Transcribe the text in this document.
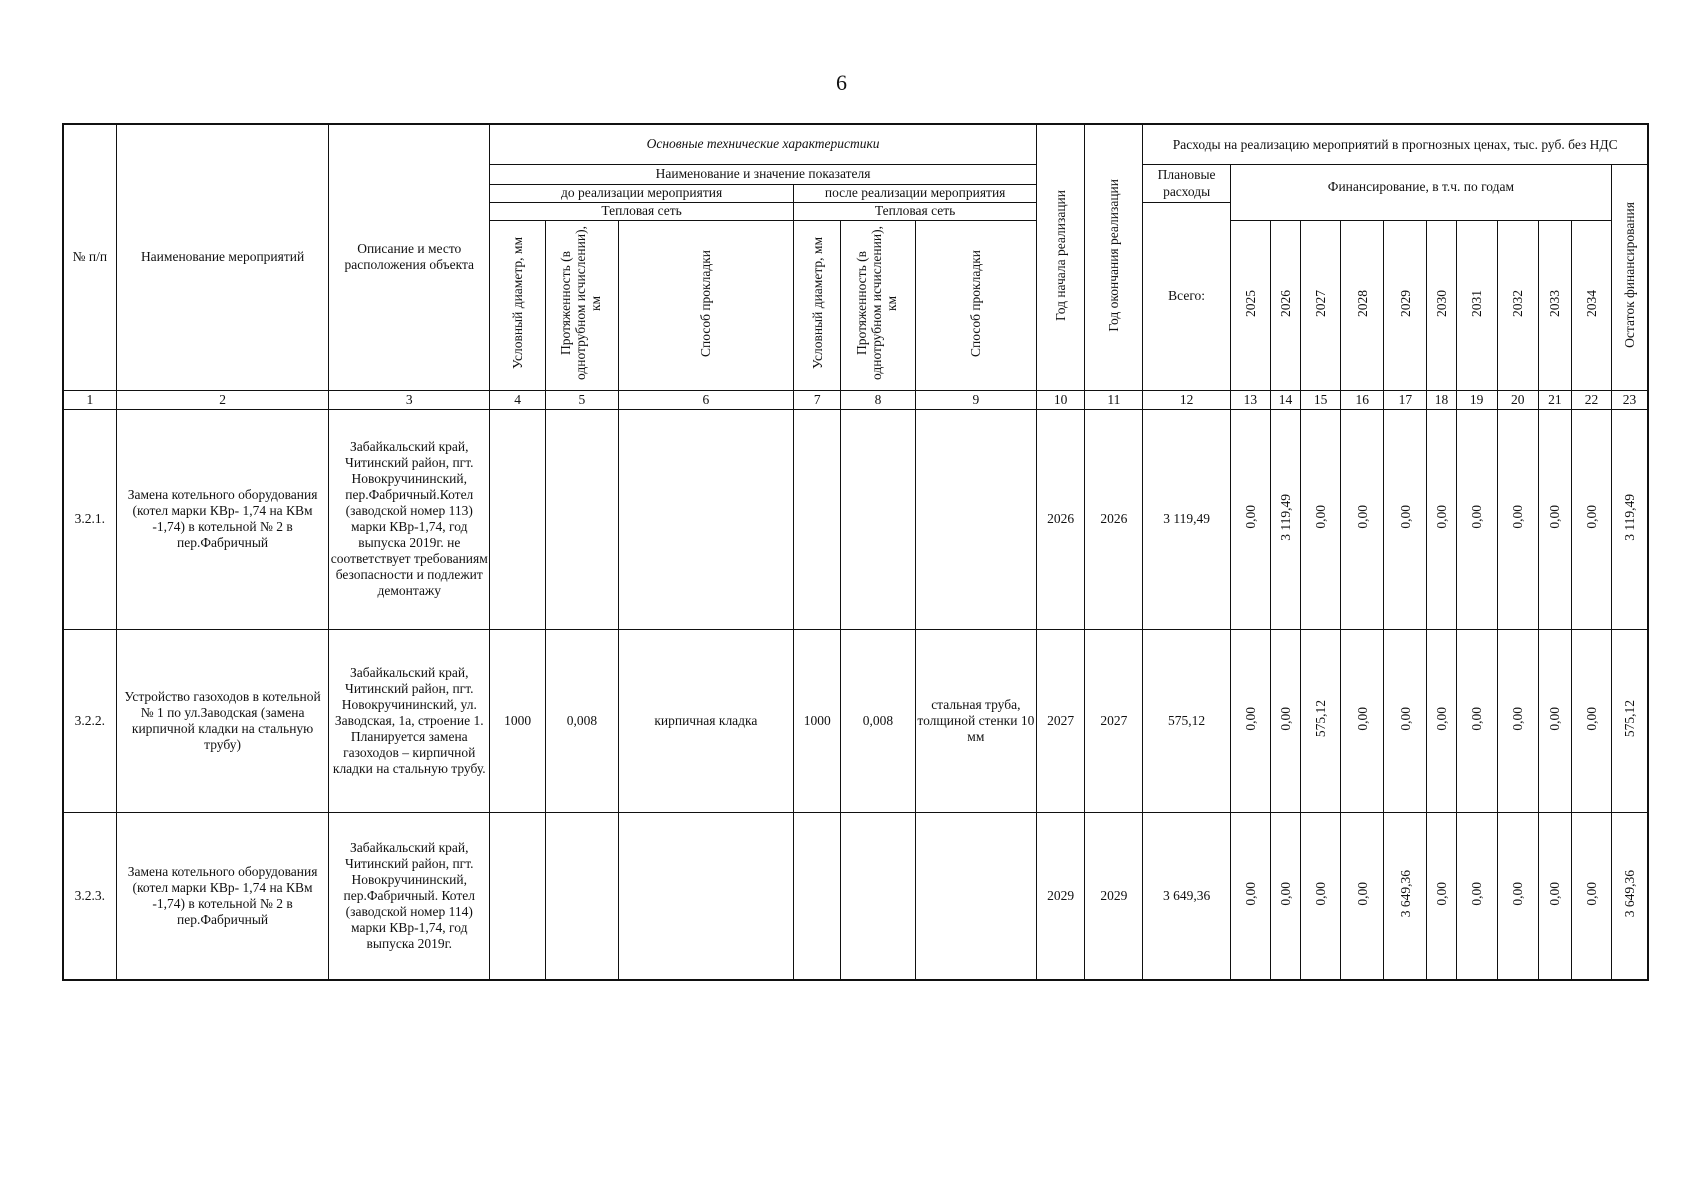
6
№ п/п	Наименование мероприятий	Описание и место расположения объекта	Основные технические характеристики						Год начала реализации	Год окончания реализации	Расходы на реализацию мероприятий в прогнозных ценах, тыс. руб. без НДС											
			Наименование и значение показателя								Плановые расходы	Финансирование, в т.ч. по годам										Остаток финансирования
			до реализации мероприятия			после реализации мероприятия																
			Тепловая сеть			Тепловая сеть					Всего:											
			Условный диаметр, мм	Протяженность (в однотрубном исчислении), км	Способ прокладки	Условный диаметр, мм	Протяженность (в однотрубном исчислении), км	Способ прокладки				2025	2026	2027	2028	2029	2030	2031	2032	2033	2034	
1	2	3	4	5	6	7	8	9	10	11	12	13	14	15	16	17	18	19	20	21	22	23
3.2.1.	Замена котельного оборудования (котел марки КВр- 1,74 на КВм -1,74) в котельной № 2 в пер.Фабричный	Забайкальский край, Читинский район, пгт. Новокручининский, пер.Фабричный.Котел (заводской номер 113) марки КВр-1,74, год выпуска 2019г. не соответствует требованиям безопасности и подлежит демонтажу							2026	2026	3 119,49	0,00	3 119,49	0,00	0,00	0,00	0,00	0,00	0,00	0,00	0,00	3 119,49
3.2.2.	Устройство газоходов в котельной № 1 по ул.Заводская (замена кирпичной кладки на стальную трубу)	Забайкальский край, Читинский район, пгт. Новокручининский, ул. Заводская, 1а, строение 1. Планируется замена газоходов – кирпичной кладки на стальную трубу.	1000	0,008	кирпичная кладка	1000	0,008	стальная труба, толщиной стенки 10 мм	2027	2027	575,12	0,00	0,00	575,12	0,00	0,00	0,00	0,00	0,00	0,00	0,00	575,12
3.2.3.	Замена котельного оборудования (котел марки КВр- 1,74 на КВм -1,74) в котельной № 2 в пер.Фабричный	Забайкальский край, Читинский район, пгт. Новокручининский, пер.Фабричный. Котел (заводской номер 114) марки КВр-1,74, год выпуска 2019г.							2029	2029	3 649,36	0,00	0,00	0,00	0,00	3 649,36	0,00	0,00	0,00	0,00	0,00	3 649,36
